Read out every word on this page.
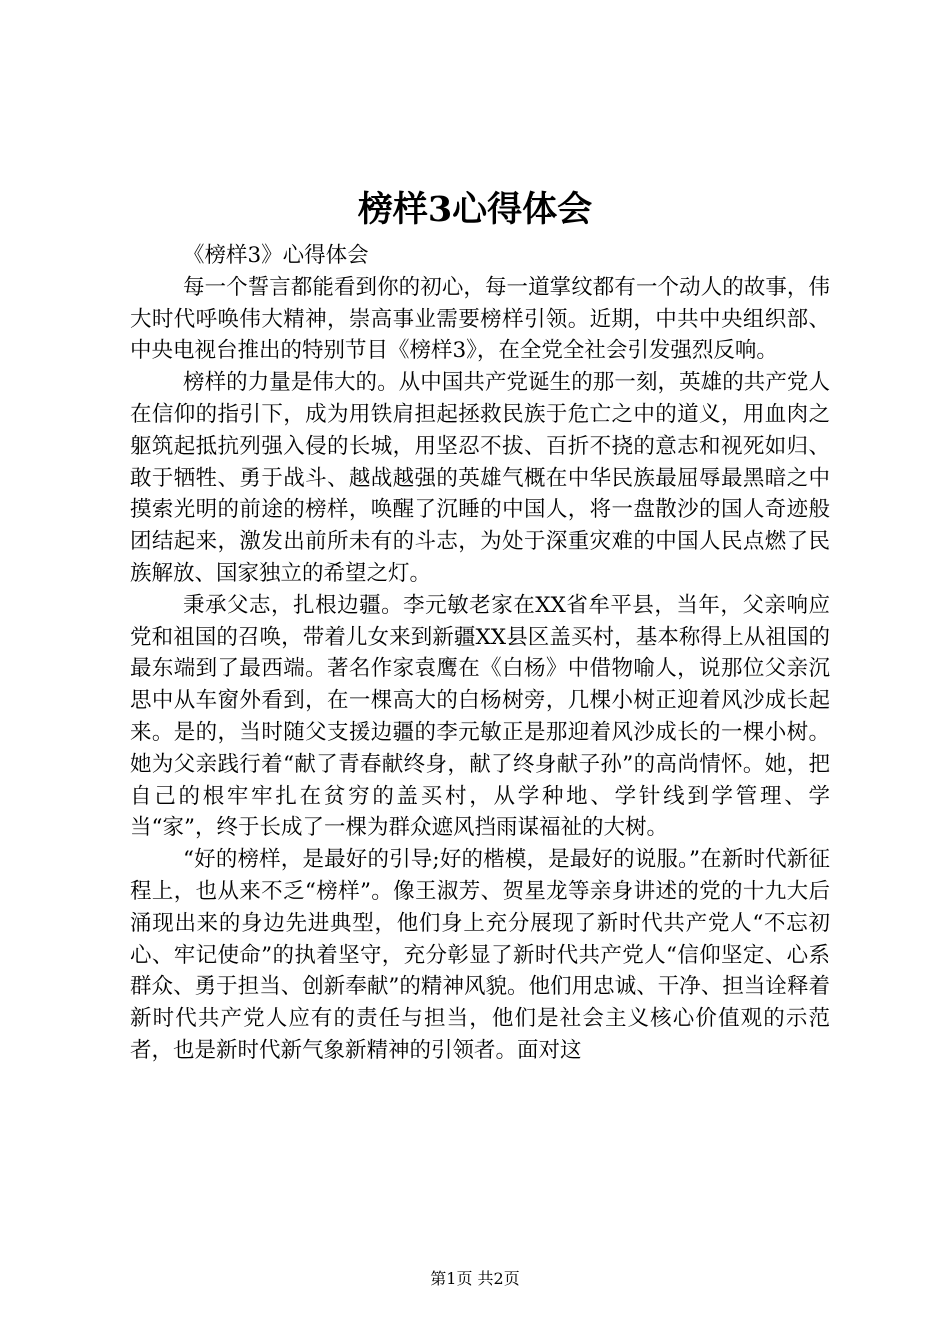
榜样3心得体会

《榜样3》心得体会

每一个誓言都能看到你的初心，每一道掌纹都有一个动人的故事，伟大时代呼唤伟大精神，崇高事业需要榜样引领。近期，中共中央组织部、中央电视台推出的特别节目《榜样3》，在全党全社会引发强烈反响。

榜样的力量是伟大的。从中国共产党诞生的那一刻，英雄的共产党人在信仰的指引下，成为用铁肩担起拯救民族于危亡之中的道义，用血肉之躯筑起抵抗列强入侵的长城，用坚忍不拔、百折不挠的意志和视死如归、敢于牺牲、勇于战斗、越战越强的英雄气概在中华民族最屈辱最黑暗之中摸索光明的前途的榜样，唤醒了沉睡的中国人，将一盘散沙的国人奇迹般团结起来，激发出前所未有的斗志，为处于深重灾难的中国人民点燃了民族解放、国家独立的希望之灯。

秉承父志，扎根边疆。李元敏老家在XX省牟平县，当年，父亲响应党和祖国的召唤，带着儿女来到新疆XX县区盖买村，基本称得上从祖国的最东端到了最西端。著名作家袁鹰在《白杨》中借物喻人，说那位父亲沉思中从车窗外看到，在一棵高大的白杨树旁，几棵小树正迎着风沙成长起来。是的，当时随父支援边疆的李元敏正是那迎着风沙成长的一棵小树。她为父亲践行着“献了青春献终身，献了终身献子孙”的高尚情怀。她，把自己的根牢牢扎在贫穷的盖买村，从学种地、学针线到学管理、学当“家”，终于长成了一棵为群众遮风挡雨谋福祉的大树。

“好的榜样，是最好的引导;好的楷模，是最好的说服。”在新时代新征程上，也从来不乏“榜样”。像王淑芳、贺星龙等亲身讲述的党的十九大后涌现出来的身边先进典型，他们身上充分展现了新时代共产党人“不忘初心、牢记使命”的执着坚守，充分彰显了新时代共产党人“信仰坚定、心系群众、勇于担当、创新奉献”的精神风貌。他们用忠诚、干净、担当诠释着新时代共产党人应有的责任与担当，他们是社会主义核心价值观的示范者，也是新时代新气象新精神的引领者。面对这

第1页 共2页
